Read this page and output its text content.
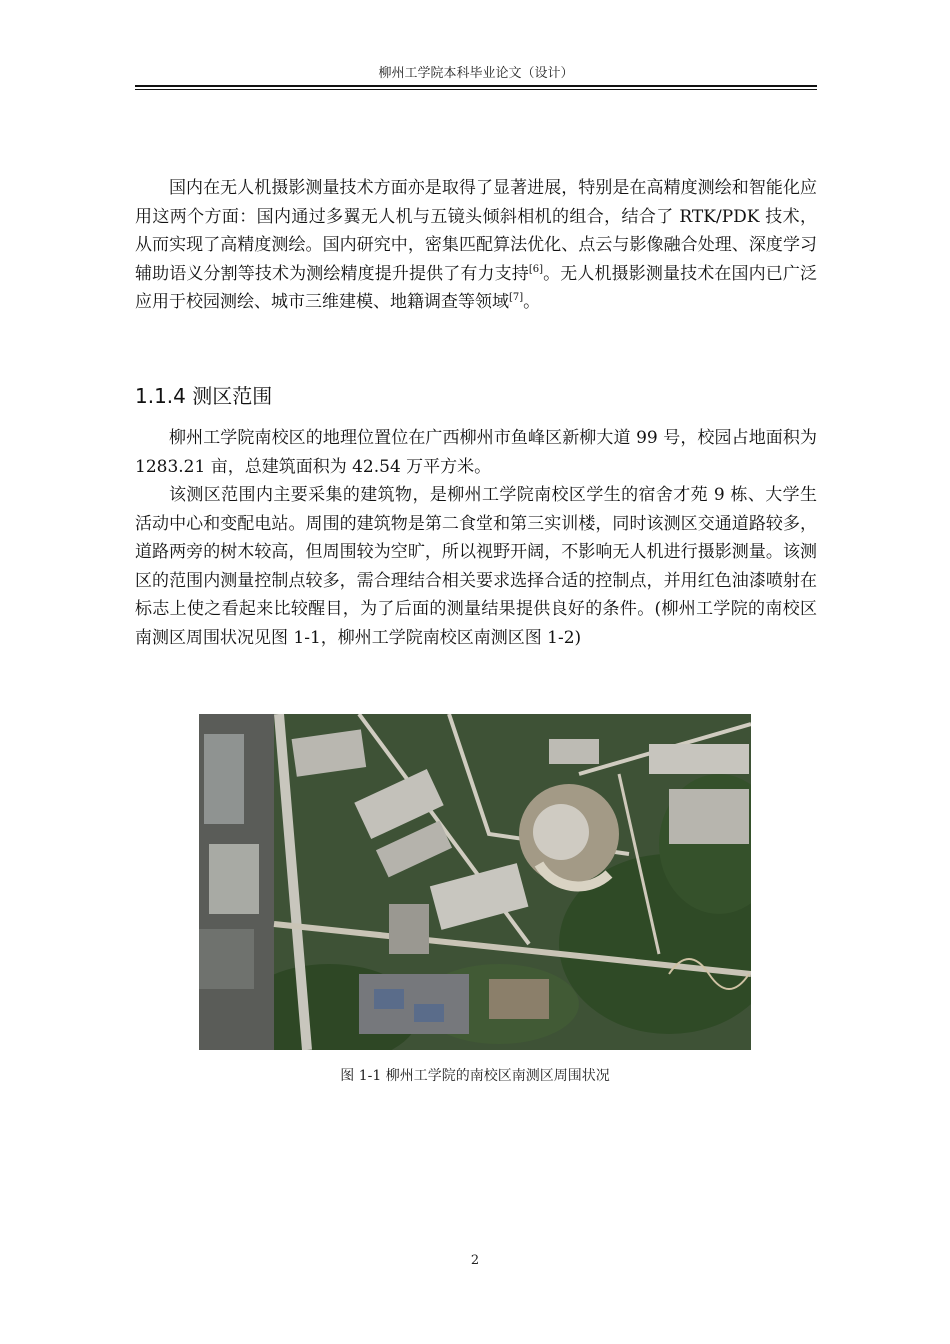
柳州工学院本科毕业论文（设计）

国内在无人机摄影测量技术方面亦是取得了显著进展，特别是在高精度测绘和智能化应用这两个方面：国内通过多翼无人机与五镜头倾斜相机的组合，结合了 RTK/PDK 技术，从而实现了高精度测绘。国内研究中，密集匹配算法优化、点云与影像融合处理、深度学习辅助语义分割等技术为测绘精度提升提供了有力支持[6]。无人机摄影测量技术在国内已广泛应用于校园测绘、城市三维建模、地籍调查等领域[7]。

1.1.4 测区范围

柳州工学院南校区的地理位置位在广西柳州市鱼峰区新柳大道 99 号，校园占地面积为 1283.21 亩，总建筑面积为 42.54 万平方米。

该测区范围内主要采集的建筑物，是柳州工学院南校区学生的宿舍才苑 9 栋、大学生活动中心和变配电站。周围的建筑物是第二食堂和第三实训楼，同时该测区交通道路较多，道路两旁的树木较高，但周围较为空旷，所以视野开阔，不影响无人机进行摄影测量。该测区的范围内测量控制点较多，需合理结合相关要求选择合适的控制点，并用红色油漆喷射在标志上使之看起来比较醒目，为了后面的测量结果提供良好的条件。(柳州工学院的南校区南测区周围状况见图 1-1，柳州工学院南校区南测区图 1-2)

图 1-1 柳州工学院的南校区南测区周围状况
2
